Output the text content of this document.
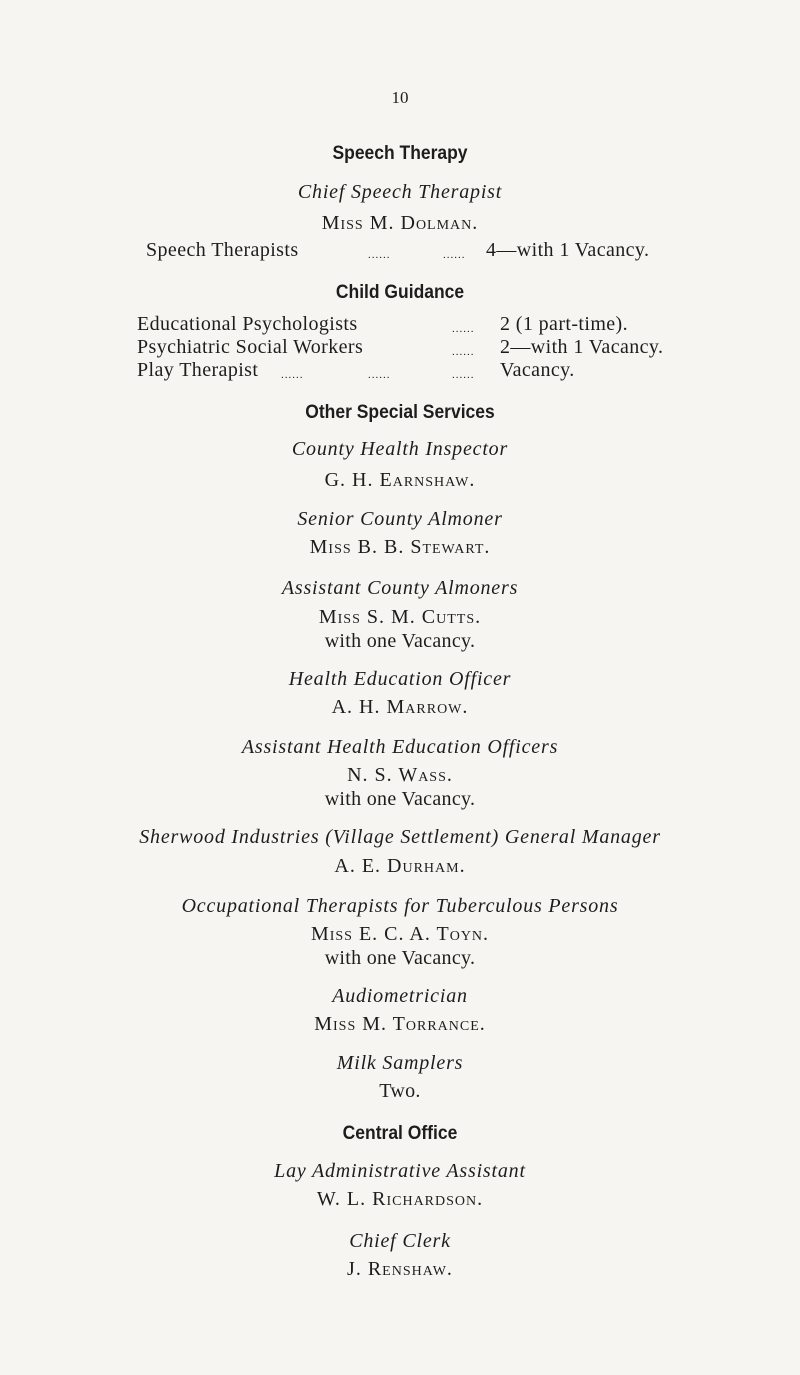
10
Speech Therapy
Chief Speech Therapist
Miss M. Dolman.
Speech Therapists	......	...... 4—with 1 Vacancy.
Child Guidance
Educational Psychologists	...... 2 (1 part-time).
Psychiatric Social Workers	...... 2—with 1 Vacancy.
Play Therapist ......	......	...... Vacancy.
Other Special Services
County Health Inspector
G. H. Earnshaw.
Senior County Almoner
Miss B. B. Stewart.
Assistant County Almoners
Miss S. M. Cutts.
with one Vacancy.
Health Education Officer
A. H. Marrow.
Assistant Health Education Officers
N. S. Wass.
with one Vacancy.
Sherwood Industries (Village Settlement) General Manager
A. E. Durham.
Occupational Therapists for Tuberculous Persons
Miss E. C. A. Toyn.
with one Vacancy.
Audiometrician
Miss M. Torrance.
Milk Samplers
Two.
Central Office
Lay Administrative Assistant
W. L. Richardson.
Chief Clerk
J. Renshaw.
